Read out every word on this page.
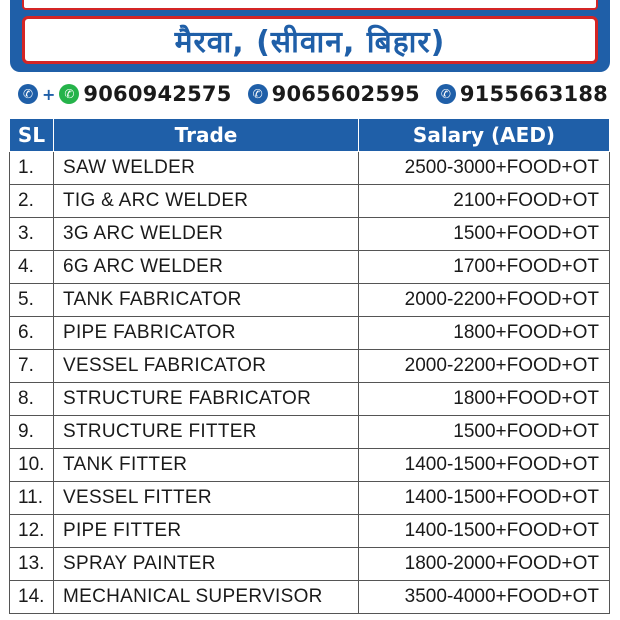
मैरवा, (सीवान, बिहार)
✆ + ✆ 9060942575	✆ 9065602595	✆ 9155663188
SL	Trade	Salary (AED)
1.	SAW WELDER	2500-3000+FOOD+OT
2.	TIG & ARC WELDER	2100+FOOD+OT
3.	3G ARC WELDER	1500+FOOD+OT
4.	6G ARC WELDER	1700+FOOD+OT
5.	TANK FABRICATOR	2000-2200+FOOD+OT
6.	PIPE FABRICATOR	1800+FOOD+OT
7.	VESSEL FABRICATOR	2000-2200+FOOD+OT
8.	STRUCTURE FABRICATOR	1800+FOOD+OT
9.	STRUCTURE FITTER	1500+FOOD+OT
10.	TANK FITTER	1400-1500+FOOD+OT
11.	VESSEL FITTER	1400-1500+FOOD+OT
12.	PIPE FITTER	1400-1500+FOOD+OT
13.	SPRAY PAINTER	1800-2000+FOOD+OT
14.	MECHANICAL SUPERVISOR	3500-4000+FOOD+OT
